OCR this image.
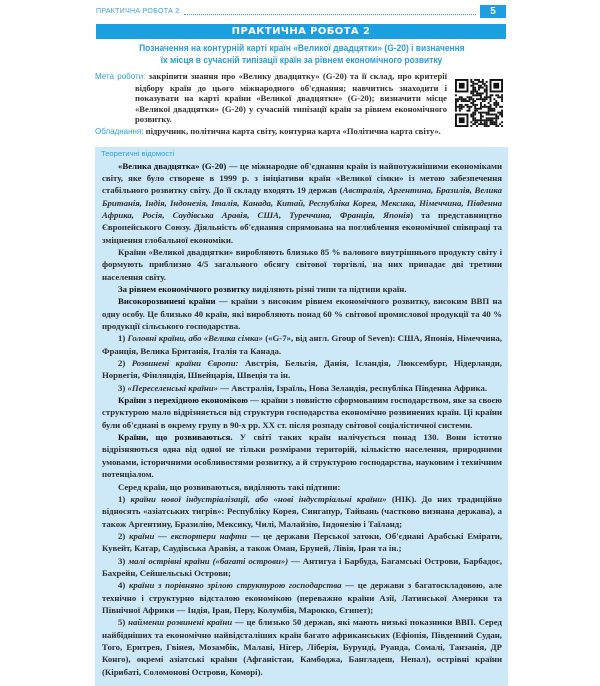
ПРАКТИЧНА РОБОТА 2	5
ПРАКТИЧНА РОБОТА 2
Позначення на контурній карті країн «Великої двадцятки» (G-20) і визначення
їх місця в сучасній типізації країн за рівнем економічного розвитку
Мета роботи: закріпити знання про «Велику двадцятку» (G-20) та її склад, про критерії відбору країн до цього міжнародного об'єднання; навчитись знаходити і показувати на карті країни «Великої двадцятки» (G-20); визначити місце «Великої двадцятки» (G-20) у сучасній типізації країн за рівнем економічного розвитку.
Обладнання: підручник, політична карта світу, контурна карта «Політична карта світу».
Теоретичні відомості

«Велика двадцятка» (G-20) — це міжнародне об'єднання країн із найпотужнішими економіками світу, яке було створене в 1999 р. з ініціативи країн «Великої сімки» із метою забезпечення стабільного розвитку світу. До її складу входять 19 держав (Австралія, Аргентина, Бразилія, Велика Британія, Індія, Індонезія, Італія, Канада, Китай, Республіка Корея, Мексика, Німеччина, Південна Африка, Росія, Саудівська Аравія, США, Туреччина, Франція, Японія) та представництво Європейського Союзу. Діяльність об'єднання спрямована на поглиблення економічної співпраці та зміцнення глобальної економіки.

Країни «Великої двадцятки» виробляють близько 85 % валового внутрішнього продукту світу і формують приблизно 4/5 загального обсягу світової торгівлі, на них припадає дві третини населення світу.

За рівнем економічного розвитку виділяють різні типи та підтипи країн.

Високорозвинені країни — країни з високим рівнем економічного розвитку, високим ВВП на одну особу. Це близько 40 країн, які виробляють понад 60 % світової промислової продукції та 40 % продукції сільського господарства.

1) Головні країни, або «Велика сімка» («G-7», від англ. Group of Seven): США, Японія, Німеччина, Франція, Велика Британія, Італія та Канада.

2) Розвинені країни Європи: Австрія, Бельгія, Данія, Ісландія, Люксембург, Нідерланди, Норвегія, Фінляндія, Швейцарія, Швеція та ін.

3) «Переселенські країни» — Австралія, Ізраїль, Нова Зеландія, республіка Південна Африка.

Країни з перехідною економікою — країни з повністю сформованим господарством, яке за своєю структурою мало відрізняється від структури господарства економічно розвинених країн. Ці країни були об'єднані в окрему групу в 90-х рр. XX ст. після розпаду світової соціалістичної системи.

Країни, що розвиваються. У світі таких країн налічується понад 130. Вони істотно відрізняються одна від одної не тільки розмірами територій, кількістю населення, природними умовами, історичними особливостями розвитку, а й структурою господарства, науковим і технічним потенціалом.

Серед країн, що розвиваються, виділяють такі підтипи:

1) країни нової індустріалізації, або «нові індустріальні країни» (НІК). До них традиційно відносять «азіатських тигрів»: Республіку Корея, Сингапур, Тайвань (частково визнана держава), а також Аргентину, Бразилію, Мексику, Чилі, Малайзію, Індонезію і Таїланд;

2) країни — експортери нафти — це держави Перської затоки, Об'єднані Арабські Емірати, Кувейт, Катар, Саудівська Аравія, а також Оман, Бруней, Лівія, Іран та ін.;

3) малі острівні країни («багаті острови») — Антигуа і Барбуда, Багамські Острови, Барбадос, Бахрейн, Сейшельські Острови;

4) країни з порівняно зрілою структурою господарства — це держави з багатоскладовою, але технічно і структурно відсталою економікою (переважно країни Азії, Латинської Америки та Північної Африки — Індія, Іран, Перу, Колумбія, Марокко, Єгипет);

5) найменш розвинені країни — це близько 50 держав, які мають низькі показники ВВП. Серед найбідніших та економічно найвідсталіших країн багато африканських (Ефіопія, Південний Судан, Того, Еритрея, Гвінея, Мозамбік, Малаві, Нігер, Ліберія, Бурунді, Руанда, Сомалі, Танзанія, ДР Конго), окремі азіатські країни (Афганістан, Камбоджа, Бангладеш, Непал), острівні країни (Кірибаті, Соломонові Острови, Коморі).
